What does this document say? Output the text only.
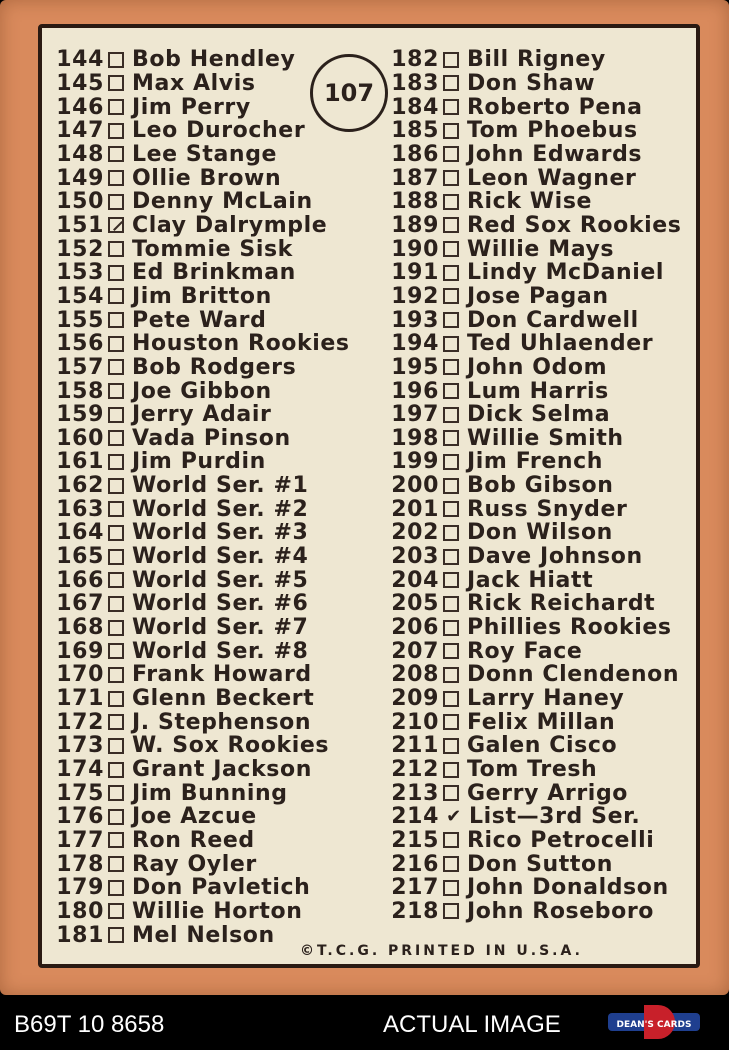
144 Bob Hendley
145 Max Alvis
146 Jim Perry
147 Leo Durocher
148 Lee Stange
149 Ollie Brown
150 Denny McLain
151 Clay Dalrymple
152 Tommie Sisk
153 Ed Brinkman
154 Jim Britton
155 Pete Ward
156 Houston Rookies
157 Bob Rodgers
158 Joe Gibbon
159 Jerry Adair
160 Vada Pinson
161 Jim Purdin
162 World Ser. #1
163 World Ser. #2
164 World Ser. #3
165 World Ser. #4
166 World Ser. #5
167 World Ser. #6
168 World Ser. #7
169 World Ser. #8
170 Frank Howard
171 Glenn Beckert
172 J. Stephenson
173 W. Sox Rookies
174 Grant Jackson
175 Jim Bunning
176 Joe Azcue
177 Ron Reed
178 Ray Oyler
179 Don Pavletich
180 Willie Horton
181 Mel Nelson
182 Bill Rigney
183 Don Shaw
184 Roberto Pena
185 Tom Phoebus
186 John Edwards
187 Leon Wagner
188 Rick Wise
189 Red Sox Rookies
190 Willie Mays
191 Lindy McDaniel
192 Jose Pagan
193 Don Cardwell
194 Ted Uhlaender
195 John Odom
196 Lum Harris
197 Dick Selma
198 Willie Smith
199 Jim French
200 Bob Gibson
201 Russ Snyder
202 Don Wilson
203 Dave Johnson
204 Jack Hiatt
205 Rick Reichardt
206 Phillies Rookies
207 Roy Face
208 Donn Clendenon
209 Larry Haney
210 Felix Millan
211 Galen Cisco
212 Tom Tresh
213 Gerry Arrigo
214 ✔ List—3rd Ser.
215 Rico Petrocelli
216 Don Sutton
217 John Donaldson
218 John Roseboro
107
©T.C.G. PRINTED IN U.S.A.
B69T 10 8658	ACTUAL IMAGE	DEAN'S CARDS
